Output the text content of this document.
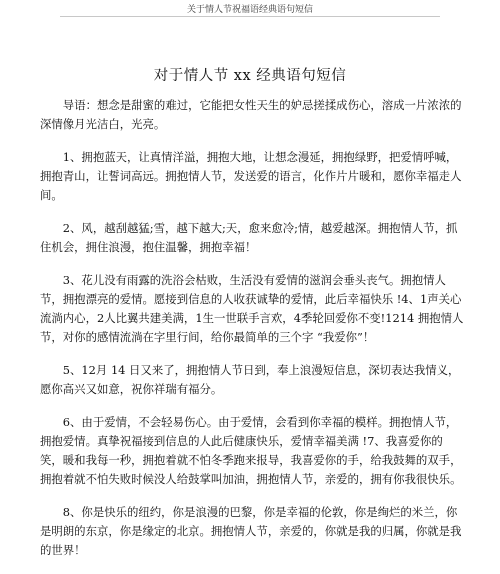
关于情人节祝福语经典语句短信
对于情人节 xx 经典语句短信

导语：想念是甜蜜的难过，它能把女性天生的妒忌搓揉成伤心，溶成一片浓浓的深情像月光洁白，光亮。

1、拥抱蓝天，让真情洋溢，拥抱大地，让想念漫延，拥抱绿野，把爱情呼喊，拥抱青山，让誓词高远。拥抱情人节，发送爱的语言，化作片片暖和，愿你幸福走人间。

2、风，越刮越猛;雪，越下越大;天，愈来愈冷;情，越爱越深。拥抱情人节，抓住机会，拥住浪漫，抱住温馨，拥抱幸福！

3、花儿没有雨露的洗浴会枯败，生活没有爱情的滋润会垂头丧气。拥抱情人节，拥抱漂亮的爱情。愿接到信息的人收获诚挚的爱情，此后幸福快乐 !4、1声关心流淌内心，2人比翼共建美满，1生一世联手言欢，4季轮回爱你不变!1214 拥抱情人节，对你的感情流淌在字里行间，给你最简单的三个字 “我爱你”！

5、12月 14 日又来了，拥抱情人节日到，奉上浪漫短信息，深切表达我情义，愿你高兴又如意，祝你祥瑞有福分。

6、由于爱情，不会轻易伤心。由于爱情，会看到你幸福的模样。拥抱情人节，拥抱爱情。真挚祝福接到信息的人此后健康快乐，爱情幸福美满 !7、我喜爱你的笑，暖和我每一秒，拥抱着就不怕冬季跑来报导，我喜爱你的手，给我鼓舞的双手，拥抱着就不怕失败时候没人给鼓掌叫加油，拥抱情人节，亲爱的，拥有你我很快乐。

8、你是快乐的纽约，你是浪漫的巴黎，你是幸福的伦敦，你是绚烂的米兰，你是明朗的东京，你是缘定的北京。拥抱情人节，亲爱的，你就是我的归属，你就是我的世界！
